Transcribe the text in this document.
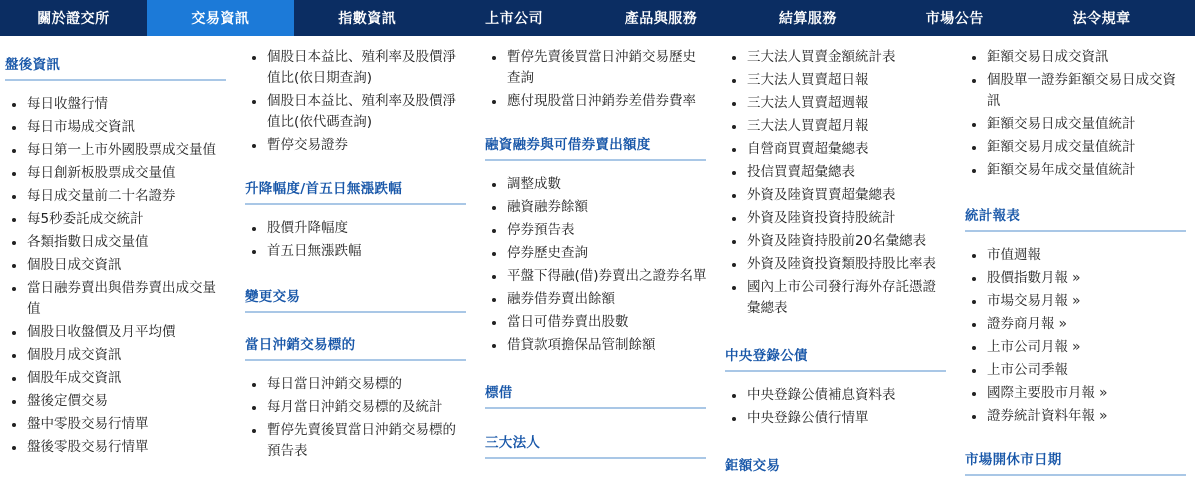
關於證交所	交易資訊	指數資訊	上市公司	產品與服務	結算服務	市場公告	法令規章
盤後資訊
每日收盤行情
每日市場成交資訊
每日第一上市外國股票成交量值
每日創新板股票成交量值
每日成交量前二十名證券
每5秒委託成交統計
各類指數日成交量值
個股日成交資訊
當日融券賣出與借券賣出成交量值
個股日收盤價及月平均價
個股月成交資訊
個股年成交資訊
盤後定價交易
盤中零股交易行情單
盤後零股交易行情單
個股日本益比、殖利率及股價淨值比(依日期查詢)
個股日本益比、殖利率及股價淨值比(依代碼查詢)
暫停交易證券
升降幅度/首五日無漲跌幅
股價升降幅度
首五日無漲跌幅
變更交易
當日沖銷交易標的
每日當日沖銷交易標的
每月當日沖銷交易標的及統計
暫停先賣後買當日沖銷交易標的預告表
暫停先賣後買當日沖銷交易歷史查詢
應付現股當日沖銷券差借券費率
融資融券與可借券賣出額度
調整成數
融資融券餘額
停券預告表
停券歷史查詢
平盤下得融(借)券賣出之證券名單
融券借券賣出餘額
當日可借券賣出股數
借貸款項擔保品管制餘額
標借
三大法人
三大法人買賣金額統計表
三大法人買賣超日報
三大法人買賣超週報
三大法人買賣超月報
自營商買賣超彙總表
投信買賣超彙總表
外資及陸資買賣超彙總表
外資及陸資投資持股統計
外資及陸資持股前20名彙總表
外資及陸資投資類股持股比率表
國內上市公司發行海外存託憑證彙總表
中央登錄公債
中央登錄公債補息資料表
中央登錄公債行情單
鉅額交易
鉅額交易日成交資訊
個股單一證券鉅額交易日成交資訊
鉅額交易日成交量值統計
鉅額交易月成交量值統計
鉅額交易年成交量值統計
統計報表
市值週報
股價指數月報 »
市場交易月報 »
證券商月報 »
上市公司月報 »
上市公司季報
國際主要股市月報 »
證券統計資料年報 »
市場開休市日期
